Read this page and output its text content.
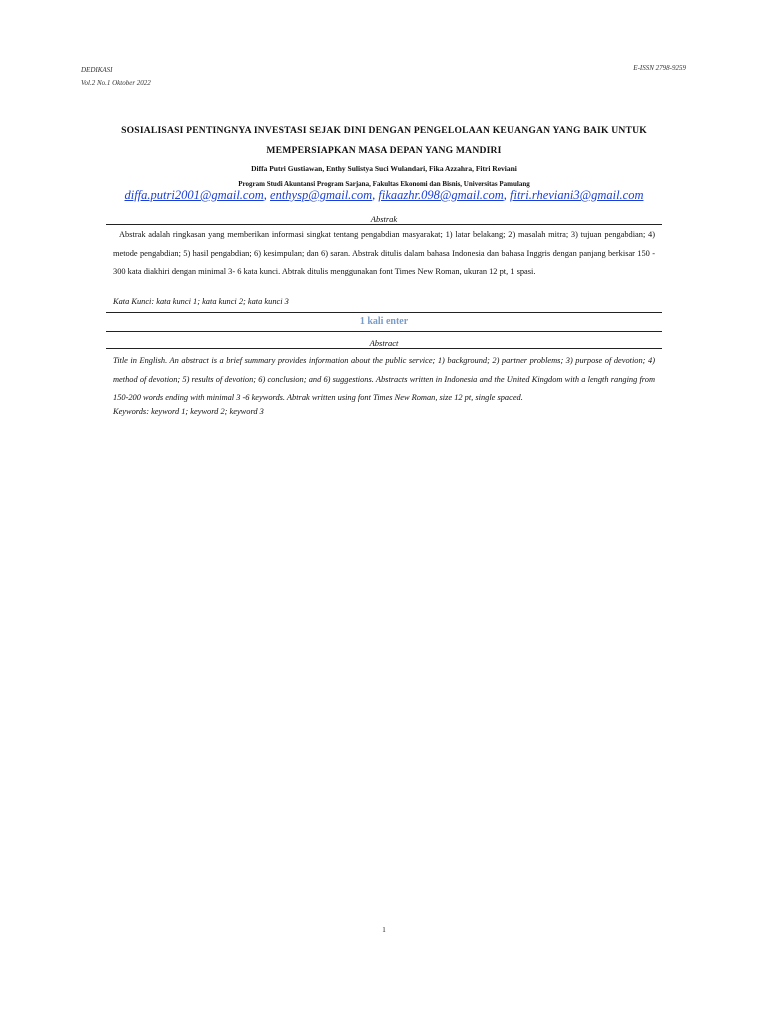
DEDIKASI
Vol.2 No.1 Oktober 2022
E-ISSN 2798-9259
SOSIALISASI PENTINGNYA INVESTASI SEJAK DINI DENGAN PENGELOLAAN KEUANGAN YANG BAIK UNTUK
MEMPERSIAPKAN MASA DEPAN YANG MANDIRI
Diffa Putri Gustiawan, Enthy Sulistya Suci Wulandari, Fika Azzahra, Fitri Reviani
Program Studi Akuntansi Program Sarjana, Fakultas Ekonomi dan Bisnis, Universitas Pamulang
diffa.putri2001@gmail.com, enthysp@gmail.com, fikaazhr.098@gmail.com, fitri.rheviani3@gmail.com
Abstrak
Abstrak adalah ringkasan yang memberikan informasi singkat tentang pengabdian masyarakat; 1) latar belakang; 2) masalah mitra; 3) tujuan pengabdian; 4) metode pengabdian; 5) hasil pengabdian; 6) kesimpulan; dan 6) saran. Abstrak ditulis dalam bahasa Indonesia dan bahasa Inggris dengan panjang berkisar 150 - 300 kata diakhiri dengan minimal 3- 6 kata kunci. Abtrak ditulis menggunakan font Times New Roman, ukuran 12 pt, 1 spasi.
Kata Kunci: kata kunci 1; kata kunci 2; kata kunci 3
1 kali enter
Abstract
Title in English. An abstract is a brief summary provides information about the public service; 1) background; 2) partner problems; 3) purpose of devotion; 4) method of devotion; 5) results of devotion; 6) conclusion; and 6) suggestions. Abstracts written in Indonesia and the United Kingdom with a length ranging from 150-200 words ending with minimal 3 -6 keywords. Abtrak written using font Times New Roman, size 12 pt, single spaced.
Keywords: keyword 1; keyword 2; keyword 3
1
